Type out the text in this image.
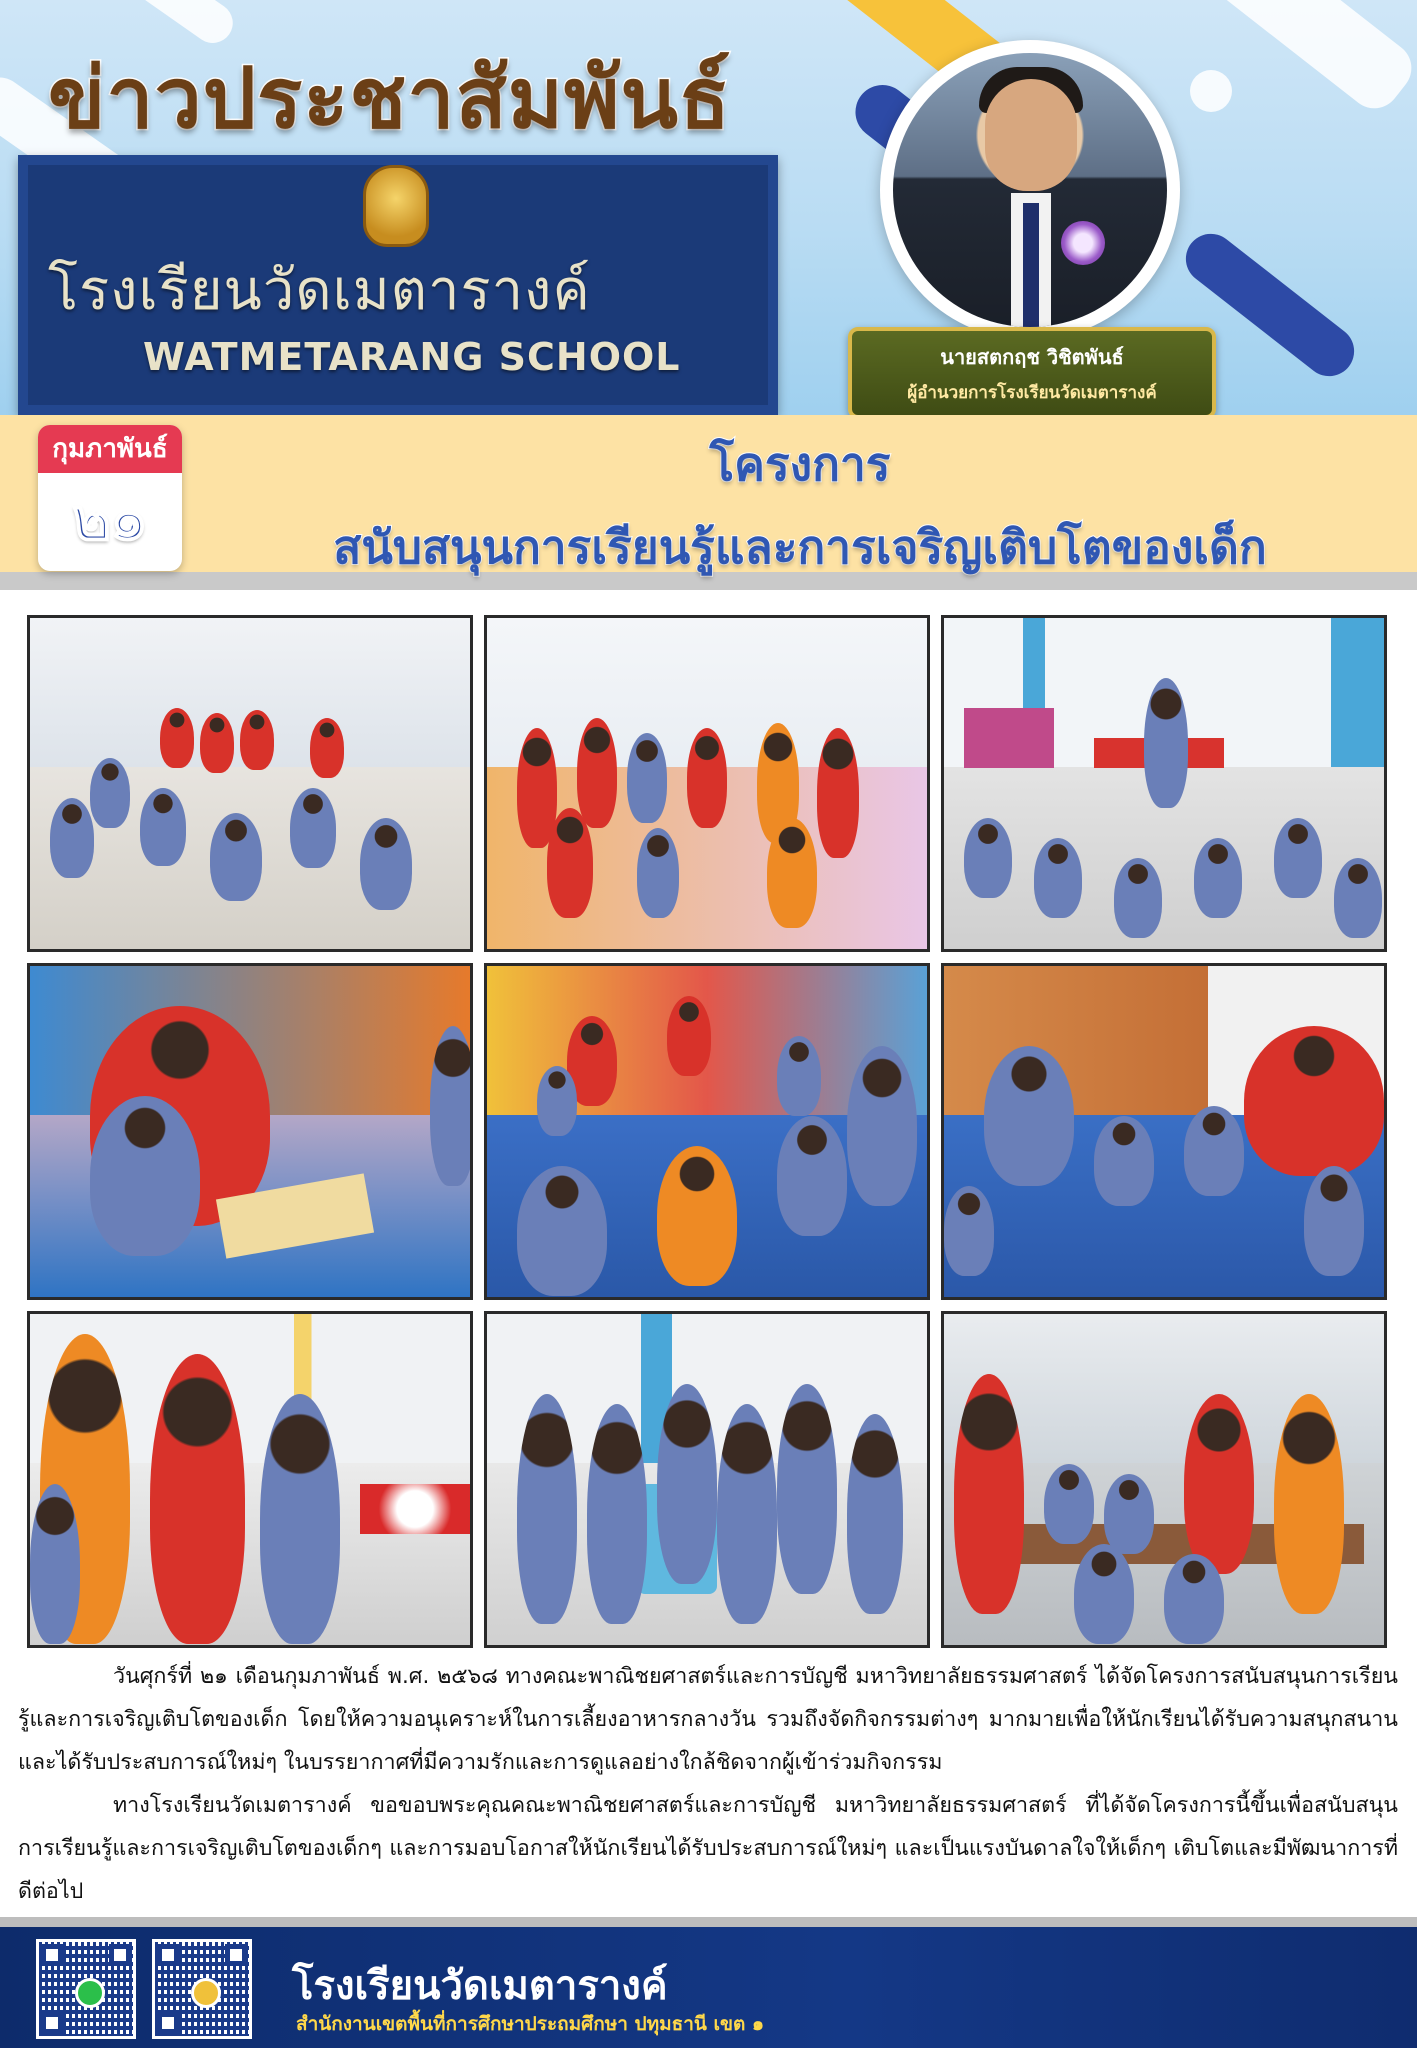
โรงเรียนวัดเมตารางค์
WATMETARANG SCHOOL
ข่าวประชาสัมพันธ์
นายสตกฤช วิชิตพันธ์
ผู้อำนวยการโรงเรียนวัดเมตารางค์
กุมภาพันธ์
๒๑
โครงการ
สนับสนุนการเรียนรู้และการเจริญเติบโตของเด็ก

วันศุกร์ที่ ๒๑ เดือนกุมภาพันธ์ พ.ศ. ๒๕๖๘ ทางคณะพาณิชยศาสตร์และการบัญชี มหาวิทยาลัยธรรมศาสตร์ ได้จัดโครงการสนับสนุนการเรียนรู้และการเจริญเติบโตของเด็ก โดยให้ความอนุเคราะห์ในการเลี้ยงอาหารกลางวัน รวมถึงจัดกิจกรรมต่างๆ มากมายเพื่อให้นักเรียนได้รับความสนุกสนาน และได้รับประสบการณ์ใหม่ๆ ในบรรยากาศที่มีความรักและการดูแลอย่างใกล้ชิดจากผู้เข้าร่วมกิจกรรม

ทางโรงเรียนวัดเมตารางค์ ขอขอบพระคุณคณะพาณิชยศาสตร์และการบัญชี มหาวิทยาลัยธรรมศาสตร์ ที่ได้จัดโครงการนี้ขึ้นเพื่อสนับสนุนการเรียนรู้และการเจริญเติบโตของเด็กๆ และการมอบโอกาสให้นักเรียนได้รับประสบการณ์ใหม่ๆ และเป็นแรงบันดาลใจให้เด็กๆ เติบโตและมีพัฒนาการที่ดีต่อไป

โรงเรียนวัดเมตารางค์
สำนักงานเขตพื้นที่การศึกษาประถมศึกษา ปทุมธานี เขต ๑
